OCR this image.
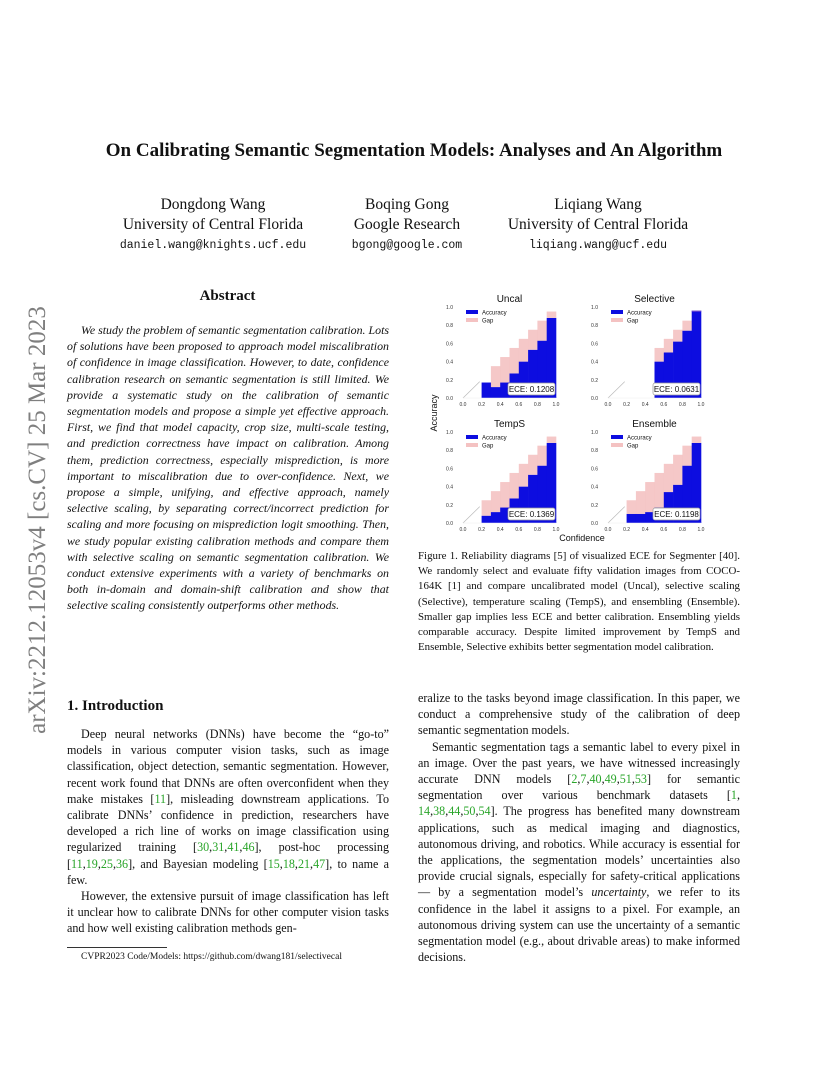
On Calibrating Semantic Segmentation Models: Analyses and An Algorithm
Dongdong Wang
University of Central Florida
daniel.wang@knights.ucf.edu
Boqing Gong
Google Research
bgong@google.com
Liqiang Wang
University of Central Florida
liqiang.wang@ucf.edu
arXiv:2212.12053v4 [cs.CV] 25 Mar 2023
Abstract

We study the problem of semantic segmentation calibration. Lots of solutions have been proposed to approach model miscalibration of confidence in image classification. However, to date, confidence calibration research on semantic segmentation is still limited. We provide a systematic study on the calibration of semantic segmentation models and propose a simple yet effective approach. First, we find that model capacity, crop size, multi-scale testing, and prediction correctness have impact on calibration. Among them, prediction correctness, especially misprediction, is more important to miscalibration due to over-confidence. Next, we propose a simple, unifying, and effective approach, namely selective scaling, by separating correct/incorrect prediction for scaling and more focusing on misprediction logit smoothing. Then, we study popular existing calibration methods and compare them with selective scaling on semantic segmentation calibration. We conduct extensive experiments with a variety of benchmarks on both in-domain and domain-shift calibration and show that selective scaling consistently outperforms other methods.

1. Introduction

Deep neural networks (DNNs) have become the “go-to” models in various computer vision tasks, such as image classification, object detection, semantic segmentation. However, recent work found that DNNs are often overconfident when they make mistakes [11], misleading downstream applications. To calibrate DNNs’ confidence in prediction, researchers have developed a rich line of works on image classification using regularized training [30,31,41,46], post-hoc processing [11,19,25,36], and Bayesian modeling [15,18,21,47], to name a few.

However, the extensive pursuit of image classification has left it unclear how to calibrate DNNs for other computer vision tasks and how well existing calibration methods gen-

CVPR2023 Code/Models: https://github.com/dwang181/selectivecal
Uncal
0.0
0.2
0.4
0.6
0.8
1.0
0.0 0.2 0.4 0.6 0.8 1.0
Accuracy
Gap
ECE: 0.1208
Selective
0.0
0.2
0.4
0.6
0.8
1.0
0.0 0.2 0.4 0.6 0.8 1.0
Accuracy
Gap
ECE: 0.0631
TempS
0.0
0.2
0.4
0.6
0.8
1.0
0.0 0.2 0.4 0.6 0.8 1.0
Accuracy
Gap
ECE: 0.1369
Ensemble
0.0
0.2
0.4
0.6
0.8
1.0
0.0 0.2 0.4 0.6 0.8 1.0
Accuracy
Gap
ECE: 0.1198
Accuracy
Confidence
Figure 1. Reliability diagrams [5] of visualized ECE for Segmenter [40]. We randomly select and evaluate fifty validation images from COCO-164K [1] and compare uncalibrated model (Uncal), selective scaling (Selective), temperature scaling (TempS), and ensembling (Ensemble). Smaller gap implies less ECE and better calibration. Ensembling yields comparable accuracy. Despite limited improvement by TempS and Ensemble, Selective exhibits better segmentation model calibration.

eralize to the tasks beyond image classification. In this paper, we conduct a comprehensive study of the calibration of deep semantic segmentation models.

Semantic segmentation tags a semantic label to every pixel in an image. Over the past years, we have witnessed increasingly accurate DNN models [2,7,40,49,51,53] for semantic segmentation over various benchmark datasets [1, 14,38,44,50,54]. The progress has benefited many downstream applications, such as medical imaging and diagnostics, autonomous driving, and robotics. While accuracy is essential for the applications, the segmentation models’ uncertainties also provide crucial signals, especially for safety-critical applications — by a segmentation model’s uncertainty, we refer to its confidence in the label it assigns to a pixel. For example, an autonomous driving system can use the uncertainty of a semantic segmentation model (e.g., about drivable areas) to make informed decisions.
